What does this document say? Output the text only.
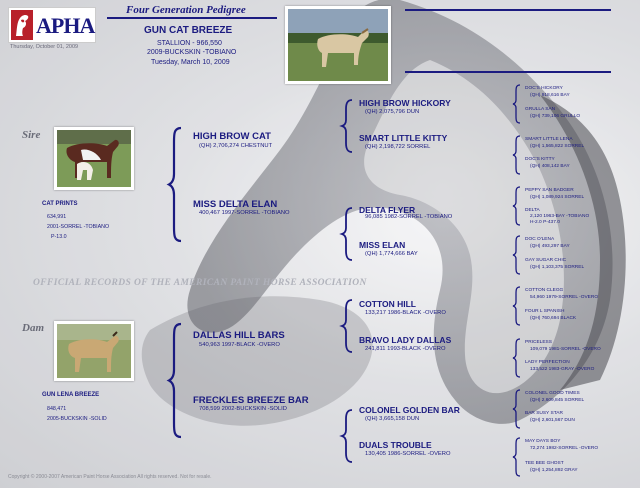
APHA
Thursday, October 01, 2009
Four Generation Pedigree
GUN CAT BREEZE
STALLION - 966,550
2009-BUCKSKIN -TOBIANO
Tuesday, March 10, 2009
Sire
CAT PRINTS
634,991
2001-SORREL -TOBIANO
P-13.0
OFFICIAL RECORDS OF THE AMERICAN PAINT HORSE ASSOCIATION
Dam
GUN LENA BREEZE
848,471
2005-BUCKSKIN -SOLID
HIGH BROW CAT
(QH) 2,706,274 CHESTNUT
MISS DELTA ELAN
400,467 1997-SORREL -TOBIANO
DALLAS HILL BARS
540,963 1997-BLACK -OVERO
FRECKLES BREEZE BAR
708,599 2002-BUCKSKIN -SOLID
HIGH BROW HICKORY
(QH) 2,075,796 DUN
SMART LITTLE KITTY
(QH) 2,198,722 SORREL
DELTA FLYER
96,085 1982-SORREL -TOBIANO
MISS ELAN
(QH) 1,774,666 BAY
COTTON HILL
133,217 1986-BLACK -OVERO
BRAVO LADY DALLAS
241,811 1993-BLACK -OVERO
COLONEL GOLDEN BAR
(QH) 3,665,158 DUN
DUALS TROUBLE
130,405 1986-SORREL -OVERO
DOC'S HICKORY
(QH) 918,616 BAY
GRULLA SAN
(QH) 739,106 GRULLO
SMART LITTLE LENA
(QH) 1,565,822 SORREL
DOC'S KITTY
(QH) 408,142 BAY
PEPPY SAN BADGER
(QH) 1,089,924 SORREL
DELTA
2,120 1963-BAY -TOBIANO
H-2.0 P-437.0
DOC O'LENA
(QH) 493,297 BAY
GAY SUGAR CHIC
(QH) 1,103,375 SORREL
COTTON CLEGG
54,960 1979-SORREL -OVERO
FOUR L SPANISH
(QH) 760,694 BLACK
PRICELESS
109,079 1981-SORREL -OVERO
LADY PERFECTION
133,522 1983-GRAY -OVERO
COLONEL GOOD TIMES
(QH) 2,609,845 SORREL
BAR SUSY STAR
(QH) 2,601,567 DUN
MAY DAYS BOY
72,274 1982-SORREL -OVERO
TEE BEE GHOST
(QH) 1,254,892 GRAY
Copyright © 2000-2007 American Paint Horse Association All rights reserved. Not for resale.
